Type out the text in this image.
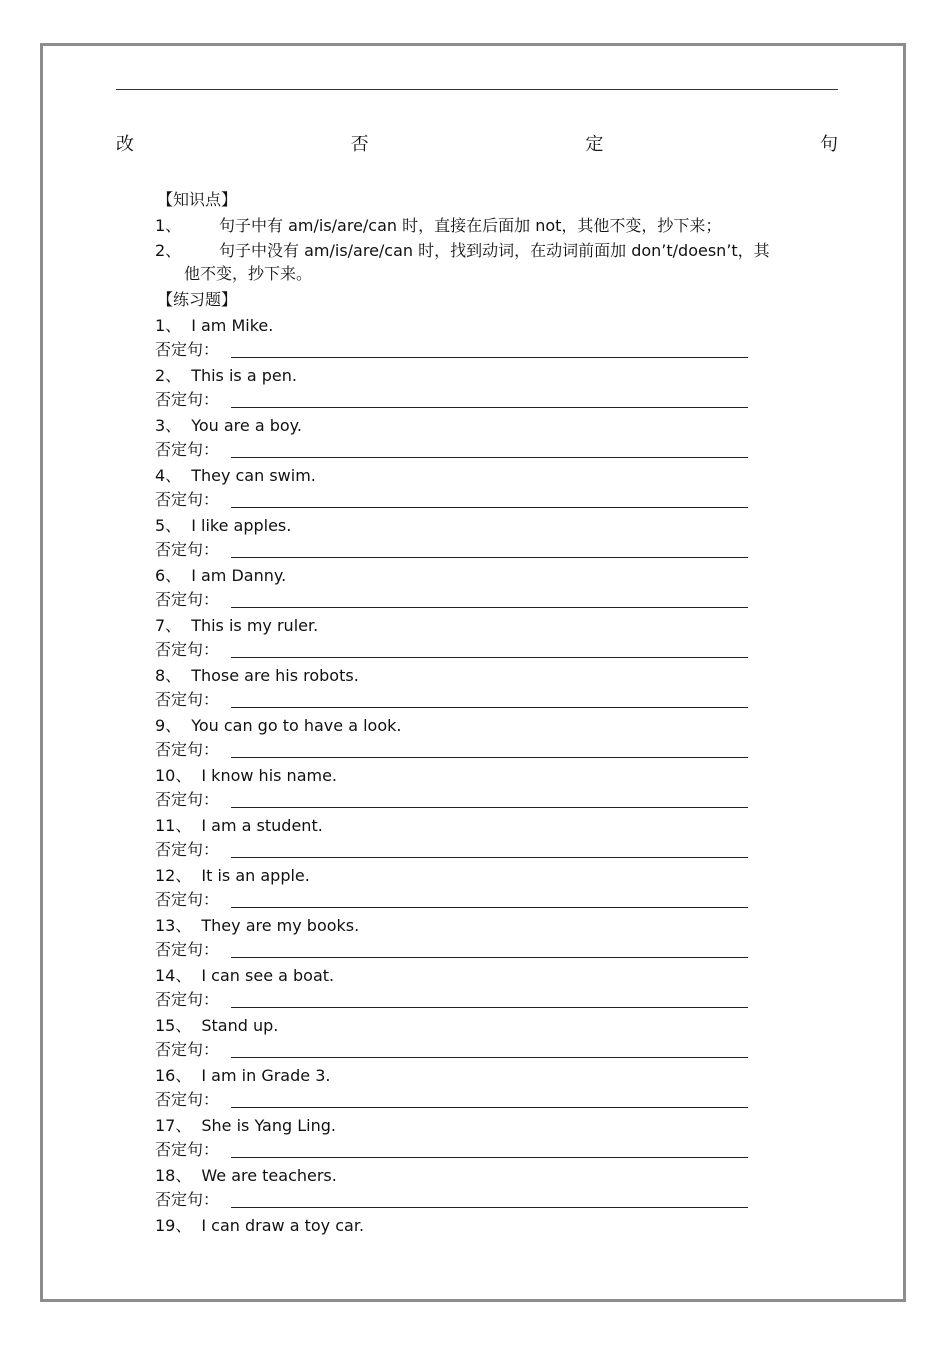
改	否	定	句
【知识点】
1、 句子中有 am/is/are/can 时，直接在后面加 not，其他不变，抄下来；
2、 句子中没有 am/is/are/can 时，找到动词，在动词前面加 don’t/doesn’t，其
他不变，抄下来。
【练习题】
1、 I am Mike.
否定句：
2、 This is a pen.
否定句：
3、 You are a boy.
否定句：
4、 They can swim.
否定句：
5、 I like apples.
否定句：
6、 I am Danny.
否定句：
7、 This is my ruler.
否定句：
8、 Those are his robots.
否定句：
9、 You can go to have a look.
否定句：
10、 I know his name.
否定句：
11、 I am a student.
否定句：
12、 It is an apple.
否定句：
13、 They are my books.
否定句：
14、 I can see a boat.
否定句：
15、 Stand up.
否定句：
16、 I am in Grade 3.
否定句：
17、 She is Yang Ling.
否定句：
18、 We are teachers.
否定句：
19、 I can draw a toy car.
